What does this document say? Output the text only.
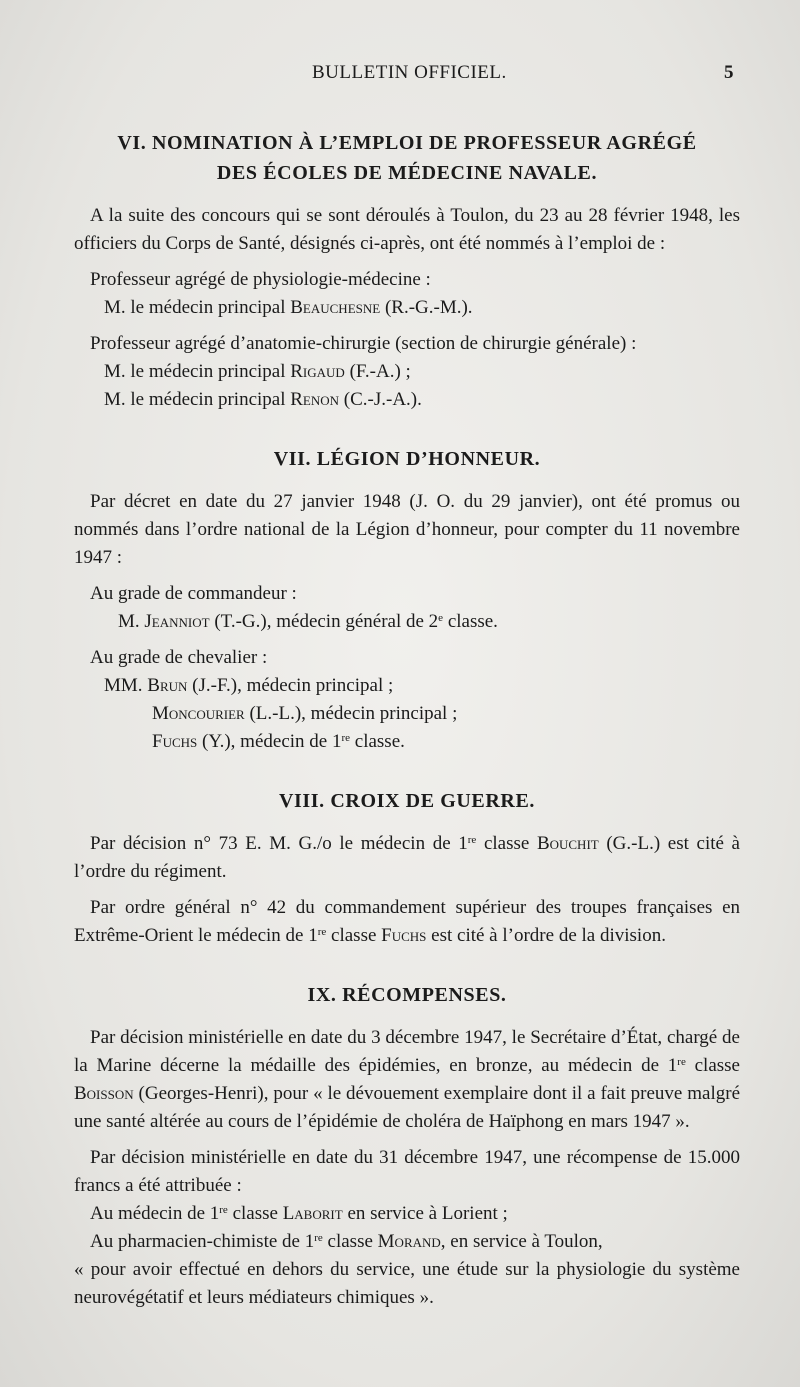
BULLETIN OFFICIEL.	5
VI. NOMINATION À L’EMPLOI DE PROFESSEUR AGRÉGÉ
DES ÉCOLES DE MÉDECINE NAVALE.

A la suite des concours qui se sont déroulés à Toulon, du 23 au 28 février 1948, les officiers du Corps de Santé, désignés ci-après, ont été nommés à l’emploi de :

Professeur agrégé de physiologie-médecine :

M. le médecin principal Beauchesne (R.-G.-M.).

Professeur agrégé d’anatomie-chirurgie (section de chirurgie générale) :

M. le médecin principal Rigaud (F.-A.) ;

M. le médecin principal Renon (C.-J.-A.).

VII. LÉGION D’HONNEUR.

Par décret en date du 27 janvier 1948 (J. O. du 29 janvier), ont été promus ou nommés dans l’ordre national de la Légion d’honneur, pour compter du 11 novembre 1947 :

Au grade de commandeur :

M. Jeanniot (T.-G.), médecin général de 2e classe.

Au grade de chevalier :

MM. Brun (J.-F.), médecin principal ;

Moncourier (L.-L.), médecin principal ;

Fuchs (Y.), médecin de 1re classe.

VIII. CROIX DE GUERRE.

Par décision n° 73 E. M. G./o le médecin de 1re classe Bouchit (G.-L.) est cité à l’ordre du régiment.

Par ordre général n° 42 du commandement supérieur des troupes françaises en Extrême-Orient le médecin de 1re classe Fuchs est cité à l’ordre de la division.

IX. RÉCOMPENSES.

Par décision ministérielle en date du 3 décembre 1947, le Secrétaire d’État, chargé de la Marine décerne la médaille des épidémies, en bronze, au médecin de 1re classe Boisson (Georges-Henri), pour « le dévouement exemplaire dont il a fait preuve malgré une santé altérée au cours de l’épidémie de choléra de Haïphong en mars 1947 ».

Par décision ministérielle en date du 31 décembre 1947, une récompense de 15.000 francs a été attribuée :

Au médecin de 1re classe Laborit en service à Lorient ;

Au pharmacien-chimiste de 1re classe Morand, en service à Toulon,

« pour avoir effectué en dehors du service, une étude sur la physiologie du système neurovégétatif et leurs médiateurs chimiques ».
